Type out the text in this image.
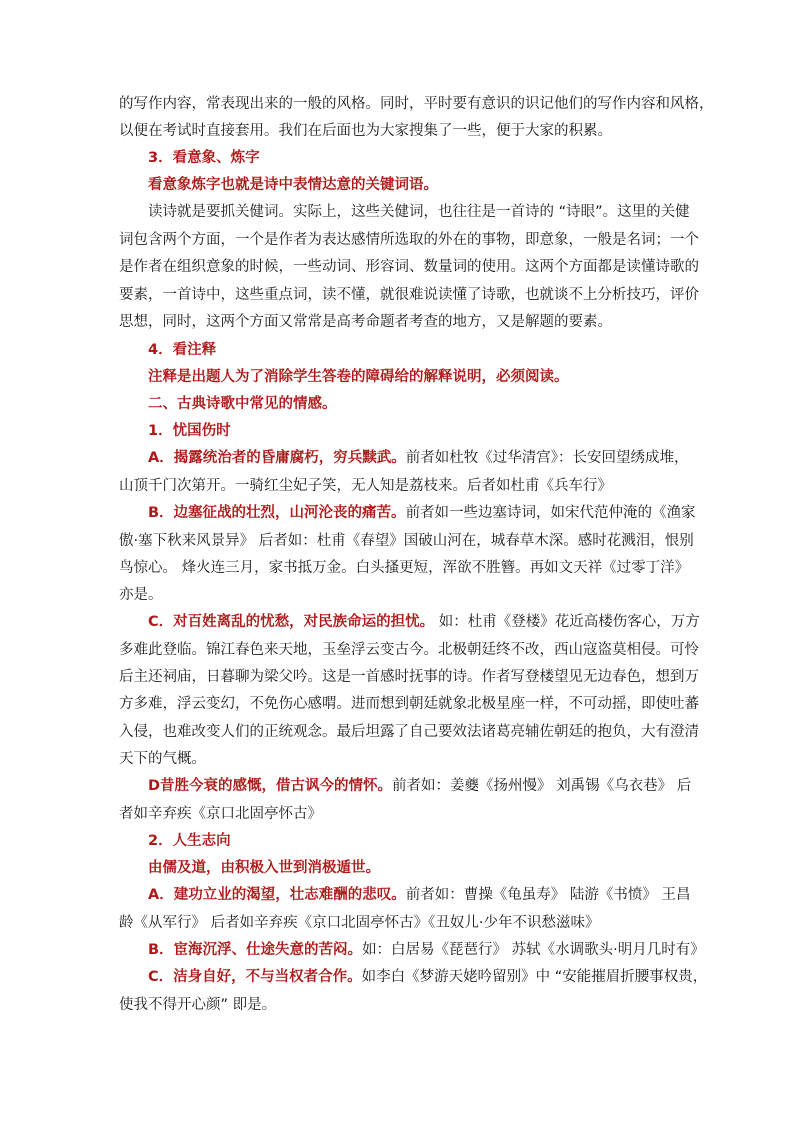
的写作内容，常表现出来的一般的风格。同时，平时要有意识的识记他们的写作内容和风格，
以便在考试时直接套用。我们在后面也为大家搜集了一些，便于大家的积累。
3．看意象、炼字
看意象炼字也就是诗中表情达意的关键词语。
读诗就是要抓关健词。实际上，这些关健词，也往往是一首诗的 “诗眼”。这里的关健
词包含两个方面，一个是作者为表达感情所选取的外在的事物，即意象，一般是名词；一个
是作者在组织意象的时候，一些动词、形容词、数量词的使用。这两个方面都是读懂诗歌的
要素，一首诗中，这些重点词，读不懂，就很难说读懂了诗歌，也就谈不上分析技巧，评价
思想，同时，这两个方面又常常是高考命题者考查的地方，又是解题的要素。
4．看注释
注释是出题人为了消除学生答卷的障碍给的解释说明，必须阅读。
二、古典诗歌中常见的情感。
1．忧国伤时
A．揭露统治者的昏庸腐朽，穷兵黩武。前者如杜牧《过华清宫》：长安回望绣成堆，
山顶千门次第开。一骑红尘妃子笑，无人知是荔枝来。后者如杜甫《兵车行》
B．边塞征战的壮烈，山河沦丧的痛苦。前者如一些边塞诗词，如宋代范仲淹的《渔家
傲·塞下秋来风景异》 后者如：杜甫《春望》国破山河在，城春草木深。感时花溅泪，恨别
鸟惊心。 烽火连三月，家书抵万金。白头搔更短，浑欲不胜簪。再如文天祥《过零丁洋》
亦是。
C．对百姓离乱的忧愁，对民族命运的担忧。 如：杜甫《登楼》花近高楼伤客心，万方
多难此登临。锦江春色来天地，玉垒浮云变古今。北极朝廷终不改，西山寇盗莫相侵。可怜
后主还祠庙，日暮聊为梁父吟。这是一首感时抚事的诗。作者写登楼望见无边春色，想到万
方多难，浮云变幻，不免伤心感喟。进而想到朝廷就象北极星座一样，不可动摇，即使吐蕃
入侵，也难改变人们的正统观念。最后坦露了自己要效法诸葛亮辅佐朝廷的抱负，大有澄清
天下的气概。
D昔胜今衰的感慨，借古讽今的情怀。前者如：姜夔《扬州慢》 刘禹锡《乌衣巷》 后
者如辛弃疾《京口北固亭怀古》
2．人生志向
由儒及道，由积极入世到消极遁世。
A．建功立业的渴望，壮志难酬的悲叹。前者如：曹操《龟虽寿》 陆游《书愤》 王昌
龄《从军行》 后者如辛弃疾《京口北固亭怀古》《丑奴儿·少年不识愁滋味》
B．宦海沉浮、仕途失意的苦闷。如：白居易《琵琶行》 苏轼《水调歌头·明月几时有》
C．洁身自好，不与当权者合作。如李白《梦游天姥吟留别》中 “安能摧眉折腰事权贵，
使我不得开心颜” 即是。
